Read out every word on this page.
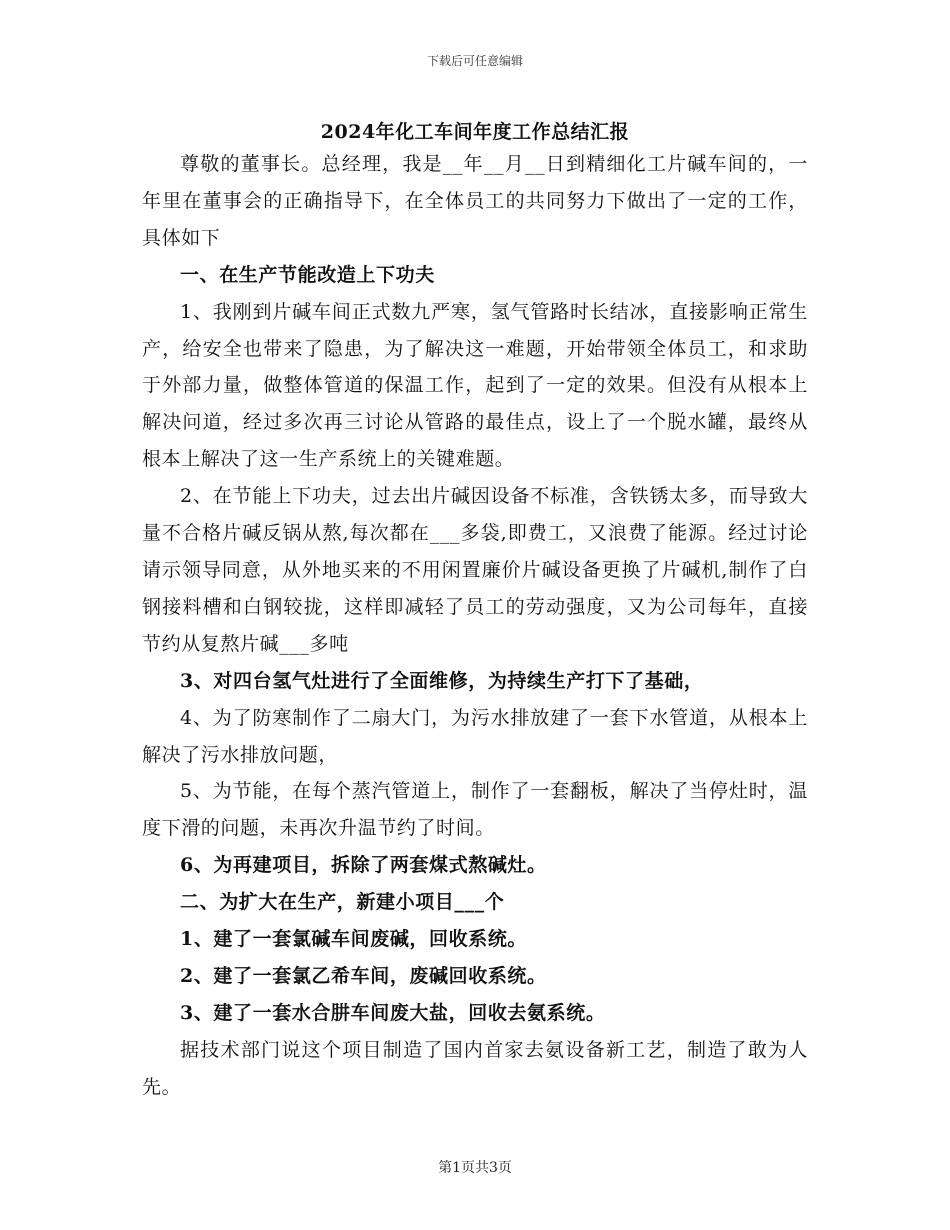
下载后可任意编辑
2024年化工车间年度工作总结汇报

尊敬的董事长。总经理，我是__年__月__日到精细化工片碱车间的，一年里在董事会的正确指导下，在全体员工的共同努力下做出了一定的工作，具体如下

一、在生产节能改造上下功夫

1、我刚到片碱车间正式数九严寒，氢气管路时长结冰，直接影响正常生产，给安全也带来了隐患，为了解决这一难题，开始带领全体员工，和求助于外部力量，做整体管道的保温工作，起到了一定的效果。但没有从根本上解决问道，经过多次再三讨论从管路的最佳点，设上了一个脱水罐，最终从根本上解决了这一生产系统上的关键难题。

2、在节能上下功夫，过去出片碱因设备不标准，含铁锈太多，而导致大量不合格片碱反锅从熬,每次都在___多袋,即费工，又浪费了能源。经过讨论请示领导同意，从外地买来的不用闲置廉价片碱设备更换了片碱机,制作了白钢接料槽和白钢较拢，这样即减轻了员工的劳动强度，又为公司每年，直接节约从复熬片碱___多吨

3、对四台氢气灶进行了全面维修，为持续生产打下了基础，

4、为了防寒制作了二扇大门，为污水排放建了一套下水管道，从根本上解决了污水排放问题，

5、为节能，在每个蒸汽管道上，制作了一套翻板，解决了当停灶时，温度下滑的问题，未再次升温节约了时间。

6、为再建项目，拆除了两套煤式熬碱灶。

二、为扩大在生产，新建小项目___个

1、建了一套氯碱车间废碱，回收系统。

2、建了一套氯乙希车间，废碱回收系统。

3、建了一套水合肼车间废大盐，回收去氨系统。

据技术部门说这个项目制造了国内首家去氨设备新工艺，制造了敢为人先。

第1页共3页
